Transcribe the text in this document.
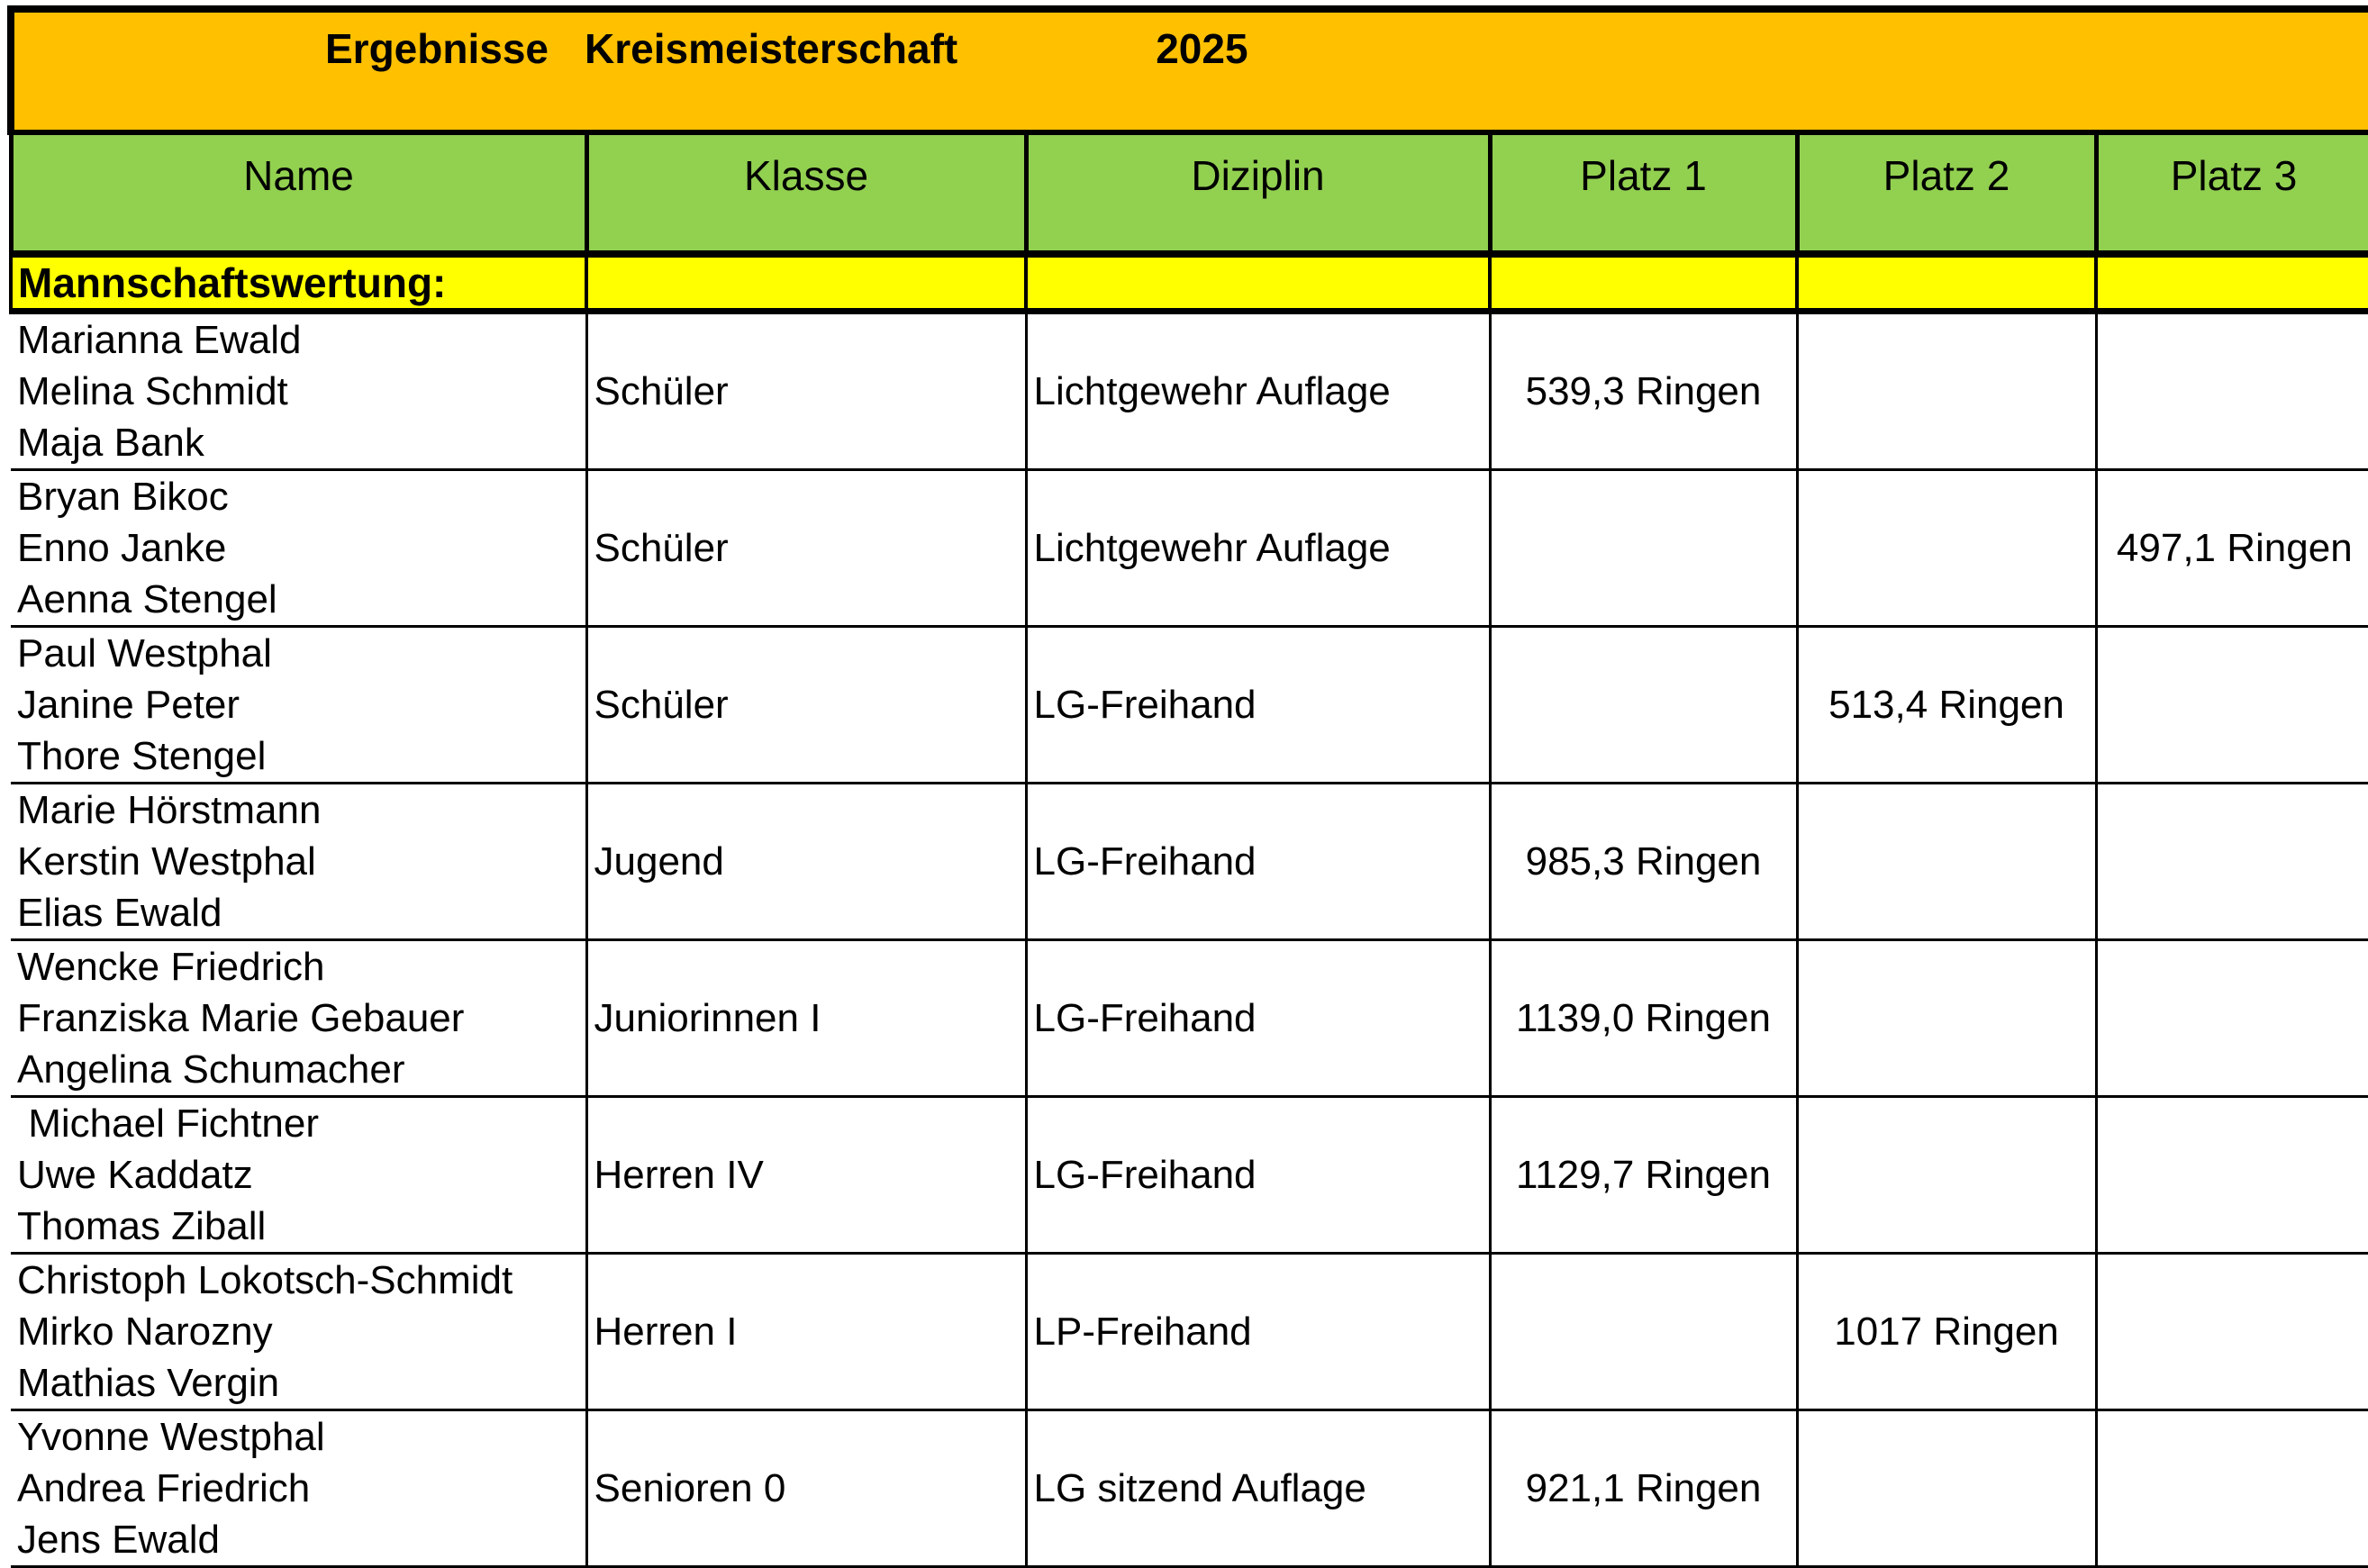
Ergebnisse Kreismeisterschaft 2025					

Name	Klasse	Diziplin	Platz 1	Platz 2	Platz 3
Mannschaftswertung:					

Marianna Ewald
Melina Schmidt
Maja Bank	Schüler	Lichtgewehr Auflage	539,3 Ringen		

Bryan Bikoc
Enno Janke
Aenna Stengel	Schüler	Lichtgewehr Auflage			497,1 Ringen

Paul Westphal
Janine Peter
Thore Stengel	Schüler	LG-Freihand		513,4 Ringen	

Marie Hörstmann
Kerstin Westphal
Elias Ewald	Jugend	LG-Freihand	985,3 Ringen		

Wencke Friedrich
Franziska Marie Gebauer
Angelina Schumacher	Juniorinnen I	LG-Freihand	1139,0 Ringen		

Michael Fichtner
Uwe Kaddatz
Thomas Ziball	Herren IV	LG-Freihand	1129,7 Ringen		

Christoph Lokotsch-Schmidt
Mirko Narozny
Mathias Vergin	Herren I	LP-Freihand		1017 Ringen	

Yvonne Westphal
Andrea Friedrich
Jens Ewald	Senioren 0	LG sitzend Auflage	921,1 Ringen		
